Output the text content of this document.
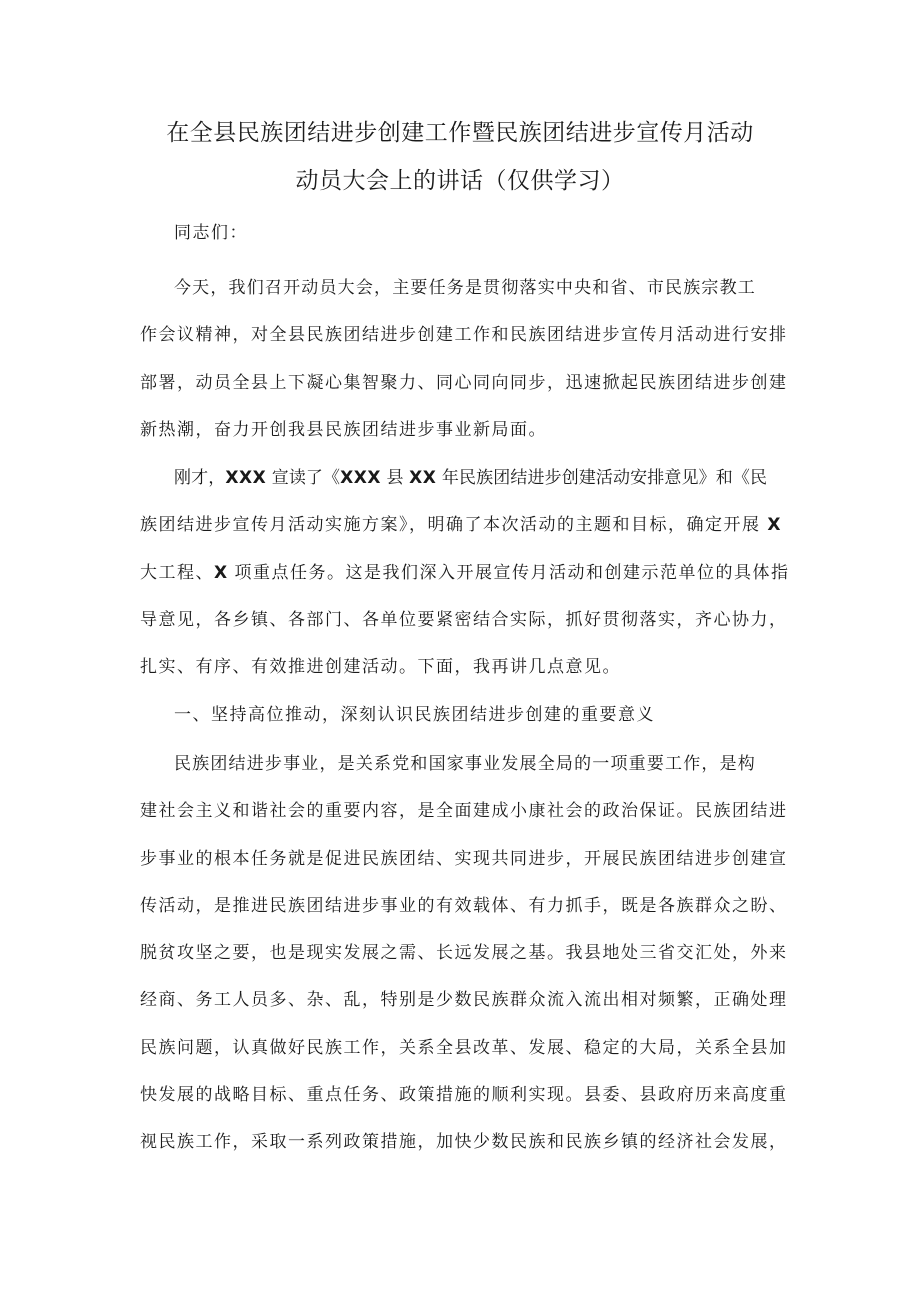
在全县民族团结进步创建工作暨民族团结进步宣传月活动
动员大会上的讲话（仅供学习）

同志们：

今天，我们召开动员大会，主要任务是贯彻落实中央和省、市民族宗教工
作会议精神，对全县民族团结进步创建工作和民族团结进步宣传月活动进行安排
部署，动员全县上下凝心集智聚力、同心同向同步，迅速掀起民族团结进步创建
新热潮，奋力开创我县民族团结进步事业新局面。
刚才，XXX 宣读了《XXX 县 XX 年民族团结进步创建活动安排意见》和《民
族团结进步宣传月活动实施方案》，明确了本次活动的主题和目标，确定开展 X
大工程、X 项重点任务。这是我们深入开展宣传月活动和创建示范单位的具体指
导意见，各乡镇、各部门、各单位要紧密结合实际，抓好贯彻落实，齐心协力，
扎实、有序、有效推进创建活动。下面，我再讲几点意见。

一、坚持高位推动，深刻认识民族团结进步创建的重要意义

民族团结进步事业，是关系党和国家事业发展全局的一项重要工作，是构
建社会主义和谐社会的重要内容，是全面建成小康社会的政治保证。民族团结进
步事业的根本任务就是促进民族团结、实现共同进步，开展民族团结进步创建宣
传活动，是推进民族团结进步事业的有效载体、有力抓手，既是各族群众之盼、
脱贫攻坚之要，也是现实发展之需、长远发展之基。我县地处三省交汇处，外来
经商、务工人员多、杂、乱，特别是少数民族群众流入流出相对频繁，正确处理
民族问题，认真做好民族工作，关系全县改革、发展、稳定的大局，关系全县加
快发展的战略目标、重点任务、政策措施的顺利实现。县委、县政府历来高度重
视民族工作，采取一系列政策措施，加快少数民族和民族乡镇的经济社会发展，
